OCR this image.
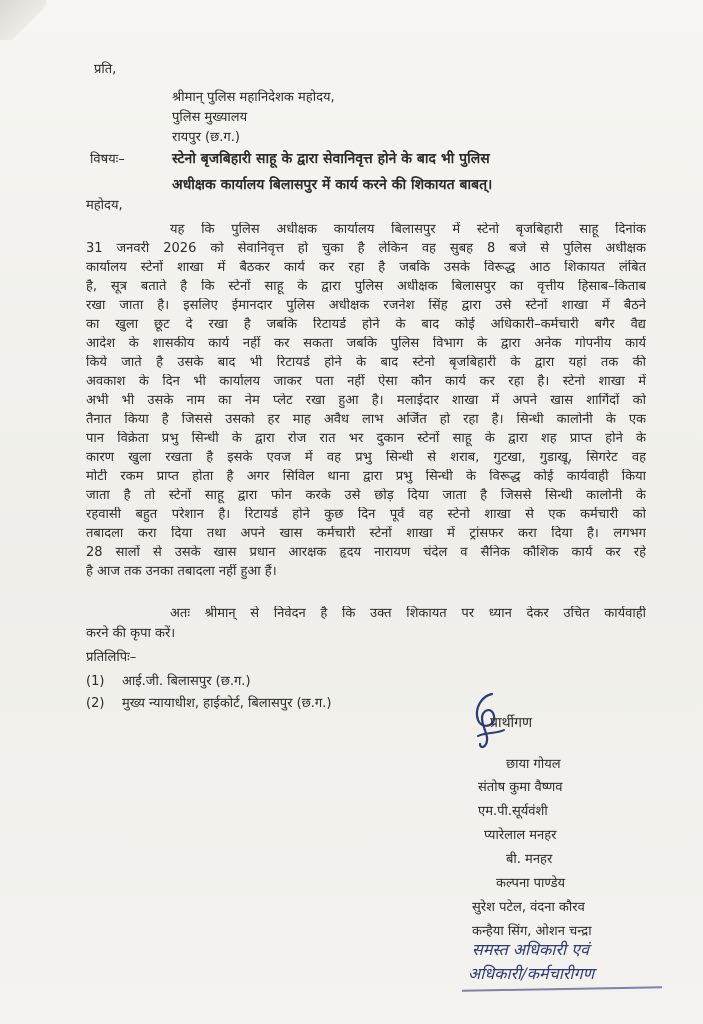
प्रति,
श्रीमान् पुलिस महानिदेशक महोदय,
पुलिस मुख्यालय
रायपुर (छ.ग.)
विषयः–	स्टेनो बृजबिहारी साहू के द्वारा सेवानिवृत्त होने के बाद भी पुलिस
अधीक्षक कार्यालय बिलासपुर में कार्य करने की शिकायत बाबत्।
महोदय,
यह कि पुलिस अधीक्षक कार्यालय बिलासपुर में स्टेनो बृजबिहारी साहू दिनांक
31 जनवरी 2026 को सेवानिवृत्त हो चुका है लेकिन वह सुबह 8 बजे से पुलिस अधीक्षक
कार्यालय स्टेनों शाखा में बैठकर कार्य कर रहा है जबकि उसके विरूद्ध आठ शिकायत लंबित
है, सूत्र बताते है कि स्टेनों साहू के द्वारा पुलिस अधीक्षक बिलासपुर का वृत्तीय हिसाब–किताब
रखा जाता है। इसलिए ईमानदार पुलिस अधीक्षक रजनेश सिंह द्वारा उसे स्टेनों शाखा में बैठने
का खुला छूट दे रखा है जबकि रिटायर्ड होने के बाद कोई अधिकारी–कर्मचारी बगैर वैद्य
आदेश के शासकीय कार्य नहीं कर सकता जबकि पुलिस विभाग के द्वारा अनेक गोपनीय कार्य
किये जाते है उसके बाद भी रिटायर्ड होने के बाद स्टेनो बृजबिहारी के द्वारा यहां तक की
अवकाश के दिन भी कार्यालय जाकर पता नहीं ऐसा कौन कार्य कर रहा है। स्टेनो शाखा में
अभी भी उसके नाम का नेम प्लेट रखा हुआ है। मलाईदार शाखा में अपने खास शार्गिदों को
तैनात किया है जिससे उसको हर माह अवैध लाभ अर्जित हो रहा है। सिन्धी कालोनी के एक
पान विक्रेता प्रभु सिन्धी के द्वारा रोज रात भर दुकान स्टेनों साहू के द्वारा शह प्राप्त होने के
कारण खुला रखता है इसके एवज में वह प्रभु सिन्धी से शराब, गुटखा, गुडाखू, सिगरेट वह
मोटी रकम प्राप्त होता है अगर सिविल थाना द्वारा प्रभु सिन्धी के विरूद्ध कोई कार्यवाही किया
जाता है तो स्टेनों साहू द्वारा फोन करके उसे छोड़ दिया जाता है जिससे सिन्धी कालोनी के
रहवासी बहुत परेशान है। रिटायर्ड होने कुछ दिन पूर्व वह स्टेनो शाखा से एक कर्मचारी को
तबादला करा दिया तथा अपने खास कर्मचारी स्टेनों शाखा में ट्रांसफर करा दिया है। लगभग
28 सालों से उसके खास प्रधान आरक्षक हृदय नारायण चंदेल व सैनिक कौशिक कार्य कर रहे
है आज तक उनका तबादला नहीं हुआ हैं।
अतः श्रीमान् से निवेदन है कि उक्त शिकायत पर ध्यान देकर उचित कार्यवाही
करने की कृपा करें।
प्रतिलिपिः–
(1) आई.जी. बिलासपुर (छ.ग.)
(2) मुख्य न्यायाधीश, हाईकोर्ट, बिलासपुर (छ.ग.)
प्रार्थीगण
छाया गोयल
संतोष कुमा वैष्णव
एम.पी.सूर्यवंशी
प्यारेलाल मनहर
बी. मनहर
कल्पना पाण्डेय
सुरेश पटेल, वंदना कौरव
कन्हैया सिंग, ओशन चन्द्रा
समस्त अधिकारी एवं
अधिकारी/कर्मचारीगण
